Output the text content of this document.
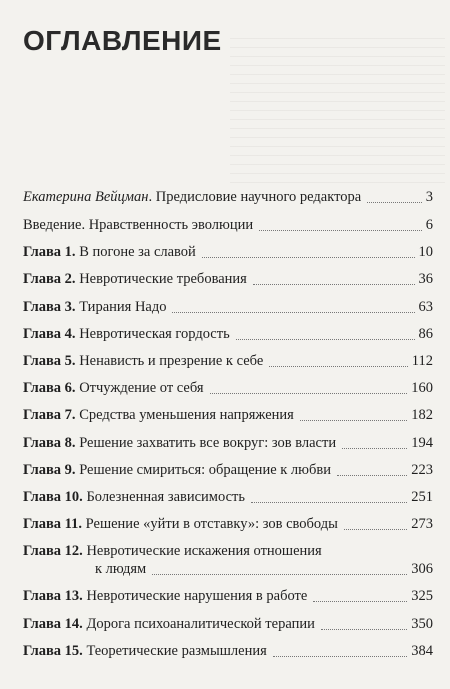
ОГЛАВЛЕНИЕ
Екатерина Вейцман. Предисловие научного редактора	3
Введение. Нравственность эволюции	6
Глава 1. В погоне за славой	10
Глава 2. Невротические требования	36
Глава 3. Тирания Надо	63
Глава 4. Невротическая гордость	86
Глава 5. Ненависть и презрение к себе	112
Глава 6. Отчуждение от себя	160
Глава 7. Средства уменьшения напряжения	182
Глава 8. Решение захватить все вокруг: зов власти	194
Глава 9. Решение смириться: обращение к любви	223
Глава 10. Болезненная зависимость	251
Глава 11. Решение «уйти в отставку»: зов свободы	273
Глава 12. Невротические искажения отношения
к людям	306
Глава 13. Невротические нарушения в работе	325
Глава 14. Дорога психоаналитической терапии	350
Глава 15. Теоретические размышления	384
